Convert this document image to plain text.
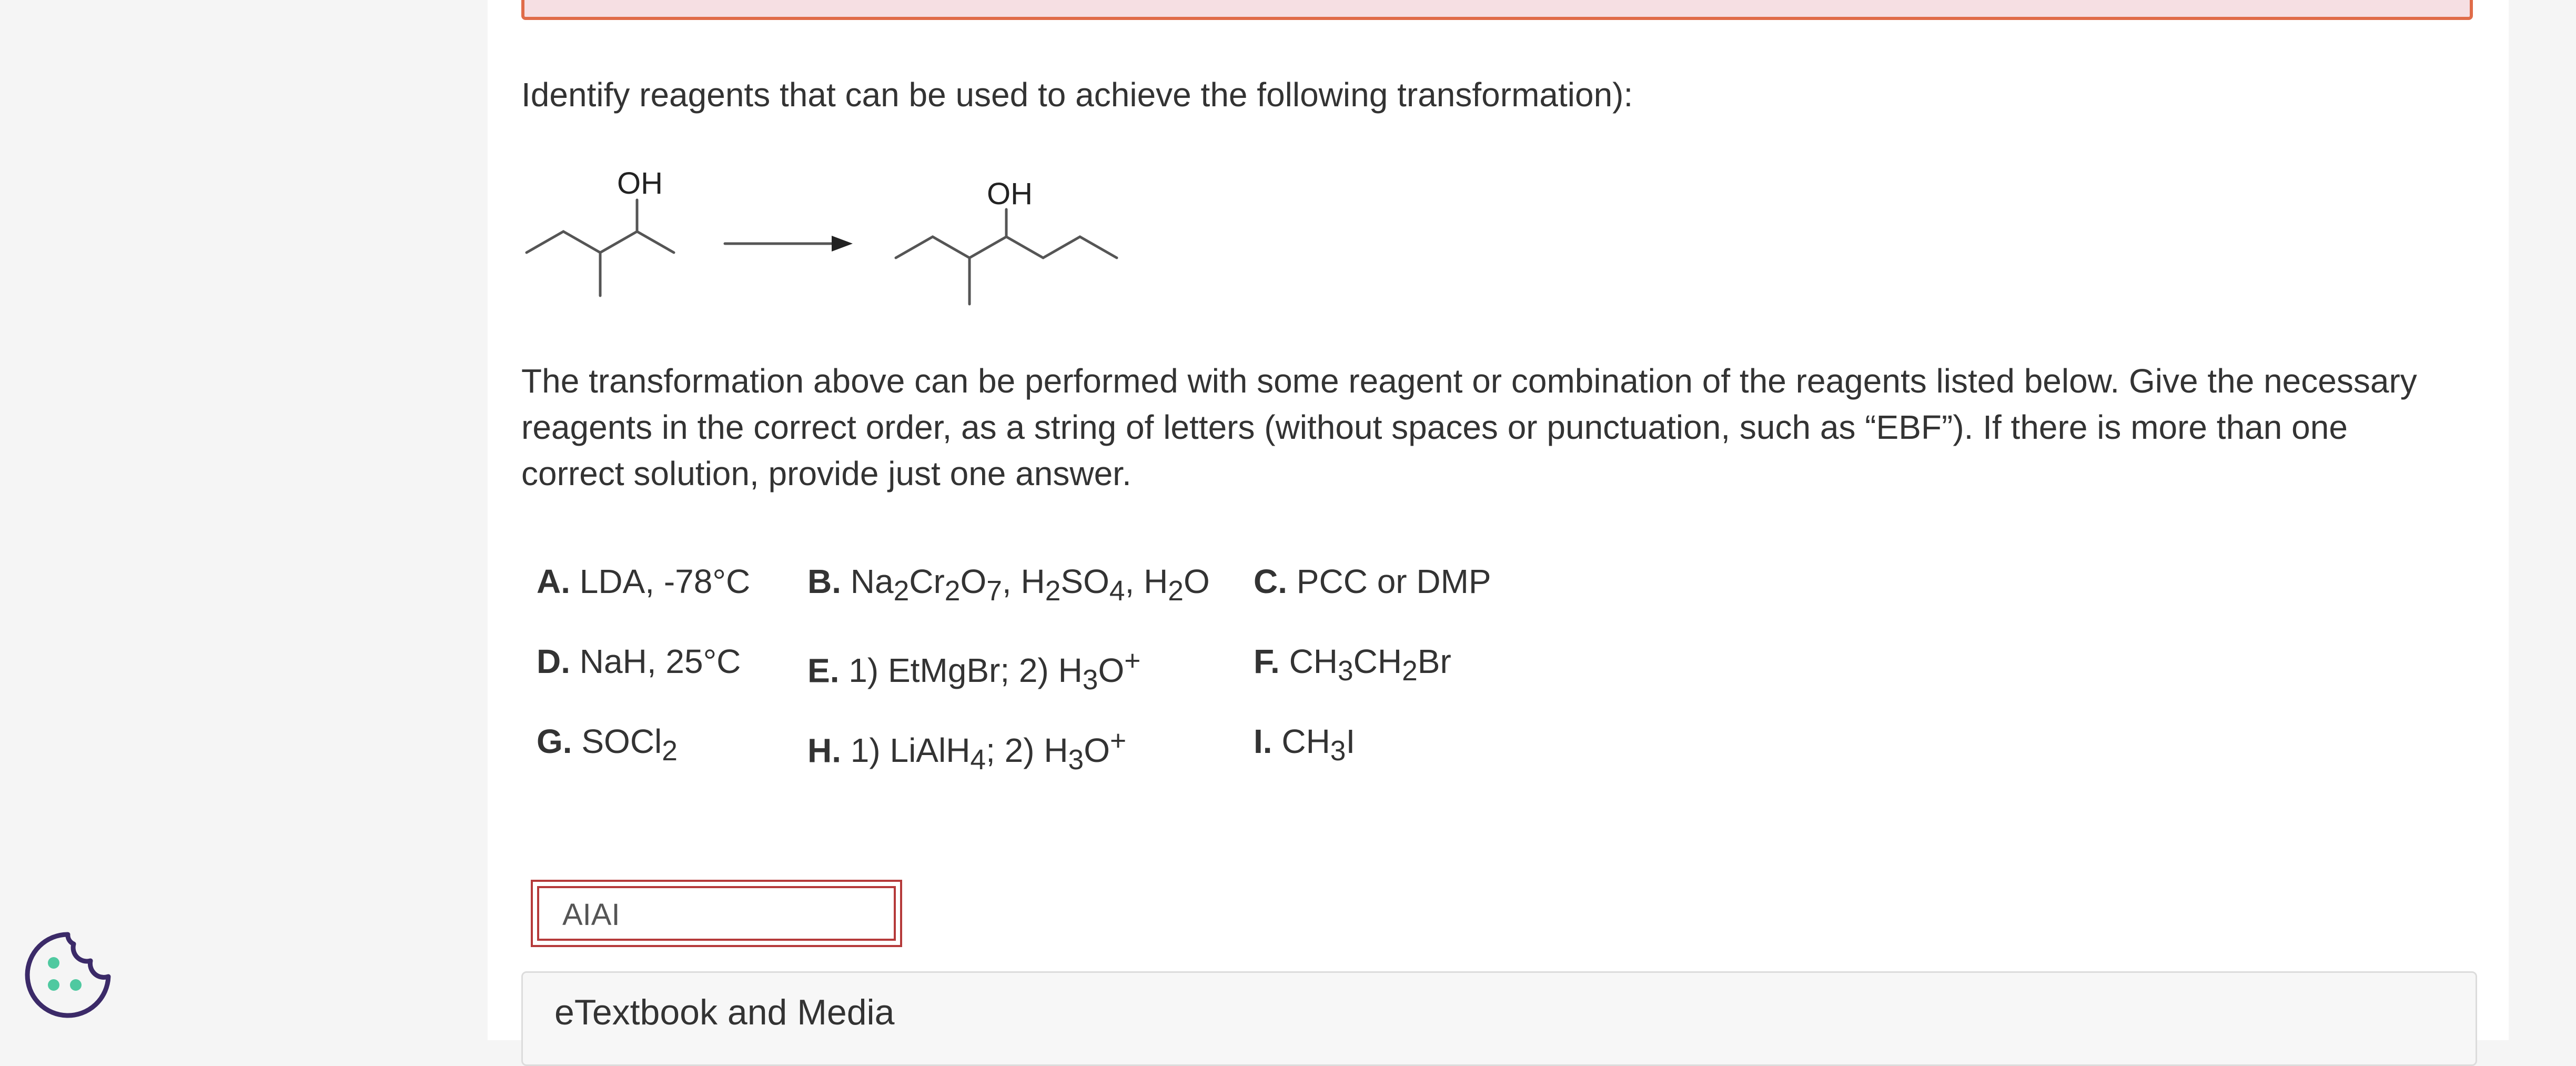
Identify reagents that can be used to achieve the following transformation):
OH	OH
The transformation above can be performed with some reagent or combination of the reagents listed below. Give the necessary reagents in the correct order, as a string of letters (without spaces or punctuation, such as “EBF”). If there is more than one correct solution, provide just one answer.
A. LDA, -78°C	B. $Na_2Cr_2O_7$, $H_2SO_4$, $H_2O$	C. PCC or DMP
D. NaH, 25°C	E. 1) EtMgBr; 2) $H_3O^+$	F. $CH_3CH_2Br$
G. SOCl$_2$	H. 1) LiAlH$_4$; 2) $H_3O^+$	I. $CH_3I$
AIAI
eTextbook and Media
